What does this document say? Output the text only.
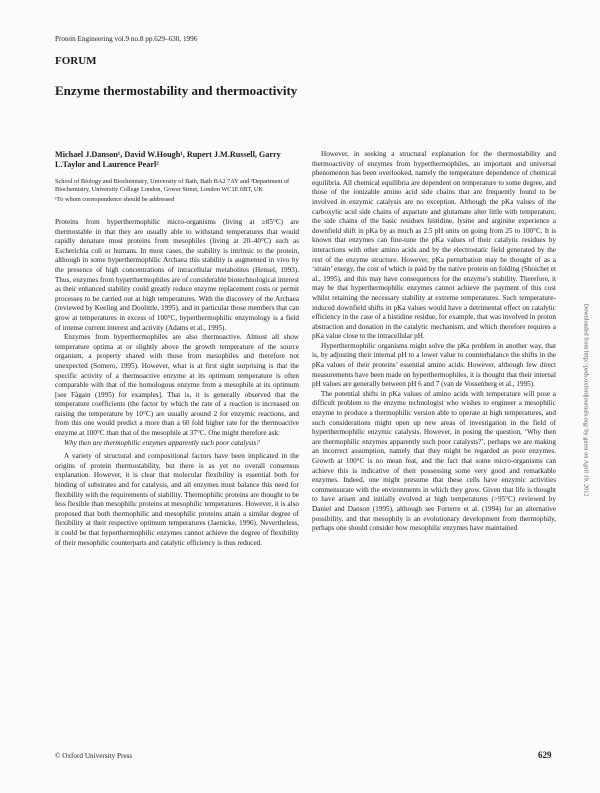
Protein Engineering vol.9 no.8 pp.629–630, 1996
FORUM
Enzyme thermostability and thermoactivity

Michael J.Danson¹, David W.Hough¹, Rupert J.M.Russell, Garry L.Taylor and Laurence Pearl²

School of Biology and Biochemistry, University of Bath, Bath BA2 7AY and ²Department of Biochemistry, University College London, Gower Street, London WC1E 6BT, UK

¹To whom correspondence should be addressed

Proteins from hyperthermophilic micro-organisms (living at ≥85°C) are thermostable in that they are usually able to withstand temperatures that would rapidly denature most proteins from mesophiles (living at 20–40°C) such as Escherichia coli or humans. In most cases, the stability is intrinsic to the protein, although in some hyperthermophilic Archaea this stability is augmented in vivo by the presence of high concentrations of intracellular metabolites (Hensel, 1993). Thus, enzymes from hyperthermophiles are of considerable biotechnological interest as their enhanced stability could greatly reduce enzyme replacement costs or permit processes to be carried out at high temperatures. With the discovery of the Archaea (reviewed by Keeling and Doolittle, 1995), and in particular those members that can grow at temperatures in excess of 100°C, hyperthermophilic enzymology is a field of intense current interest and activity (Adams et al., 1995).

Enzymes from hyperthermophiles are also thermoactive. Almost all show temperature optima at or slightly above the growth temperature of the source organism, a property shared with those from mesophiles and therefore not unexpected (Somero, 1995). However, what is at first sight surprising is that the specific activity of a thermoactive enzyme at its optimum temperature is often comparable with that of the homologous enzyme from a mesophile at its optimum [see Fågain (1995) for examples]. That is, it is generally observed that the temperature coefficients (the factor by which the rate of a reaction is increased on raising the temperature by 10°C) are usually around 2 for enzymic reactions, and from this one would predict a more than a 60 fold higher rate for the thermoactive enzyme at 100°C than that of the mesophile at 37°C. One might therefore ask:

Why then are thermophilic enzymes apparently such poor catalysts?

A variety of structural and compositional factors have been implicated in the origins of protein thermostability, but there is as yet no overall consensus explanation. However, it is clear that molecular flexibility is essential both for binding of substrates and for catalysis, and all enzymes must balance this need for flexibility with the requirements of stability. Thermophilic proteins are thought to be less flexible than mesophilic proteins at mesophilic temperatures. However, it is also proposed that both thermophilic and mesophilic proteins attain a similar degree of flexibility at their respective optimum temperatures (Jaenicke, 1996). Nevertheless, it could be that hyperthermophilic enzymes cannot achieve the degree of flexibility of their mesophilic counterparts and catalytic efficiency is thus reduced.

However, in seeking a structural explanation for the thermostability and thermoactivity of enzymes from hyperthermophiles, an important and universal phenomenon has been overlooked, namely the temperature dependence of chemical equilibria. All chemical equilibria are dependent on temperature to some degree, and those of the ionizable amino acid side chains that are frequently found to be involved in enzymic catalysis are no exception. Although the pKa values of the carboxylic acid side chains of aspartate and glutamate alter little with temperature, the side chains of the basic residues histidine, lysine and arginine experience a downfield shift in pKa by as much as 2.5 pH units on going from 25 to 100°C. It is known that enzymes can fine-tune the pKa values of their catalytic residues by interactions with other amino acids and by the electrostatic field generated by the rest of the enzyme structure. However, pKa perturbation may be thought of as a ‘strain’ energy, the cost of which is paid by the native protein on folding (Shoichet et al., 1995), and this may have consequences for the enzyme’s stability. Therefore, it may be that hyperthermophilic enzymes cannot achieve the payment of this cost whilst retaining the necessary stability at extreme temperatures. Such temperature-induced downfield shifts in pKa values would have a detrimental effect on catalytic efficiency in the case of a histidine residue, for example, that was involved in proton abstraction and donation in the catalytic mechanism, and which therefore requires a pKa value close to the intracellular pH.

Hyperthermophilic organisms might solve the pKa problem in another way, that is, by adjusting their internal pH to a lower value to counterbalance the shifts in the pKa values of their proteins’ essential amino acids. However, although few direct measurements have been made on hyperthermophiles, it is thought that their internal pH values are generally between pH 6 and 7 (van de Vossenberg et al., 1995).

The potential shifts in pKa values of amino acids with temperature will pose a difficult problem to the enzyme technologist who wishes to engineer a mesophilic enzyme to produce a thermophilic version able to operate at high temperatures, and such considerations might open up new areas of investigation in the field of hyperthermophilic enzymic catalysis. However, in posing the question, ‘Why then are thermophilic enzymes apparently such poor catalysts?’, perhaps we are making an incorrect assumption, namely that they might be regarded as poor enzymes. Growth at 100°C is no mean feat, and the fact that some micro-organisms can achieve this is indicative of their possessing some very good and remarkable enzymes. Indeed, one might presume that these cells have enzymic activities commensurate with the environments in which they grow. Given that life is thought to have arisen and initially evolved at high temperatures (>95°C) reviewed by Daniel and Danson (1995), although see Forterre et al. (1994) for an alternative possibility, and that mesophily is an evolutionary development from thermophily, perhaps one should consider how mesophilic enzymes have maintained

© Oxford University Press	629
Downloaded from http://peds.oxfordjournals.org/ by guest on April 19, 2012
